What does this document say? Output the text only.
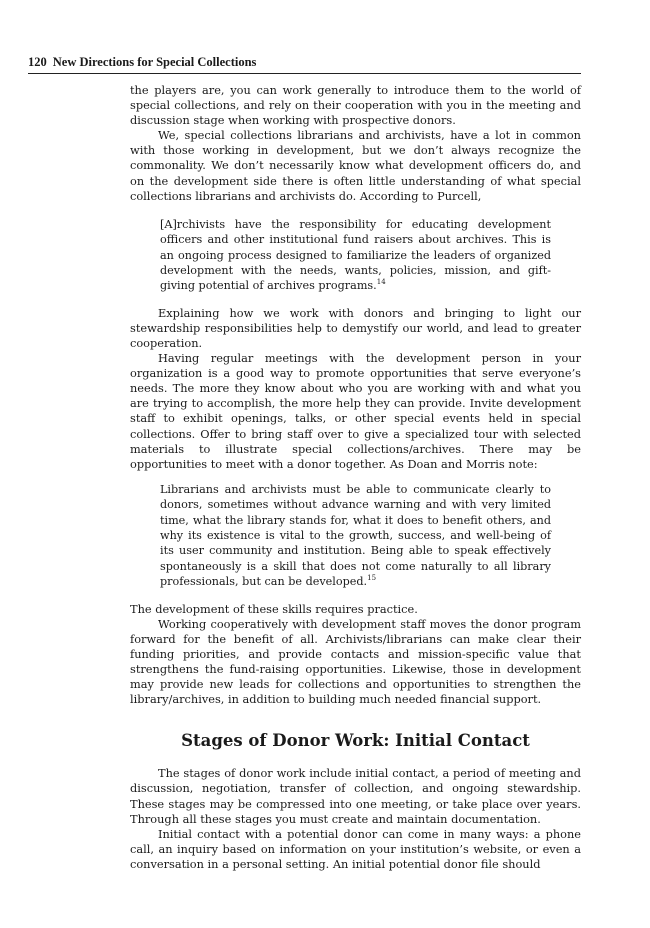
120 New Directions for Special Collections

the players are, you can work generally to introduce them to the world of special collections, and rely on their cooperation with you in the meeting and discussion stage when working with prospective donors.

We, special collections librarians and archivists, have a lot in common with those working in development, but we don’t always recognize the commonality. We don’t necessarily know what development officers do, and on the development side there is often little understanding of what special collections librarians and archivists do. According to Purcell,

[A]rchivists have the responsibility for educating development officers and other institutional fund raisers about archives. This is an ongoing process designed to familiarize the leaders of organized development with the needs, wants, policies, mission, and gift-giving potential of archives programs.$^{14}$

Explaining how we work with donors and bringing to light our stewardship responsibilities help to demystify our world, and lead to greater cooperation.

Having regular meetings with the development person in your organization is a good way to promote opportunities that serve everyone’s needs. The more they know about who you are working with and what you are trying to accomplish, the more help they can provide. Invite development staff to exhibit openings, talks, or other special events held in special collections. Offer to bring staff over to give a specialized tour with selected materials to illustrate special collections/archives. There may be opportunities to meet with a donor together. As Doan and Morris note:

Librarians and archivists must be able to communicate clearly to donors, sometimes without advance warning and with very limited time, what the library stands for, what it does to benefit others, and why its existence is vital to the growth, success, and well-being of its user community and institution. Being able to speak effectively spontaneously is a skill that does not come naturally to all library professionals, but can be developed.$^{15}$

The development of these skills requires practice.

Working cooperatively with development staff moves the donor program forward for the benefit of all. Archivists/librarians can make clear their funding priorities, and provide contacts and mission-specific value that strengthens the fund-raising opportunities. Likewise, those in development may provide new leads for collections and opportunities to strengthen the library/archives, in addition to building much needed financial support.

Stages of Donor Work: Initial Contact

The stages of donor work include initial contact, a period of meeting and discussion, negotiation, transfer of collection, and ongoing stewardship. These stages may be compressed into one meeting, or take place over years. Through all these stages you must create and maintain documentation.

Initial contact with a potential donor can come in many ways: a phone call, an inquiry based on information on your institution’s website, or even a conversation in a personal setting. An initial potential donor file should
